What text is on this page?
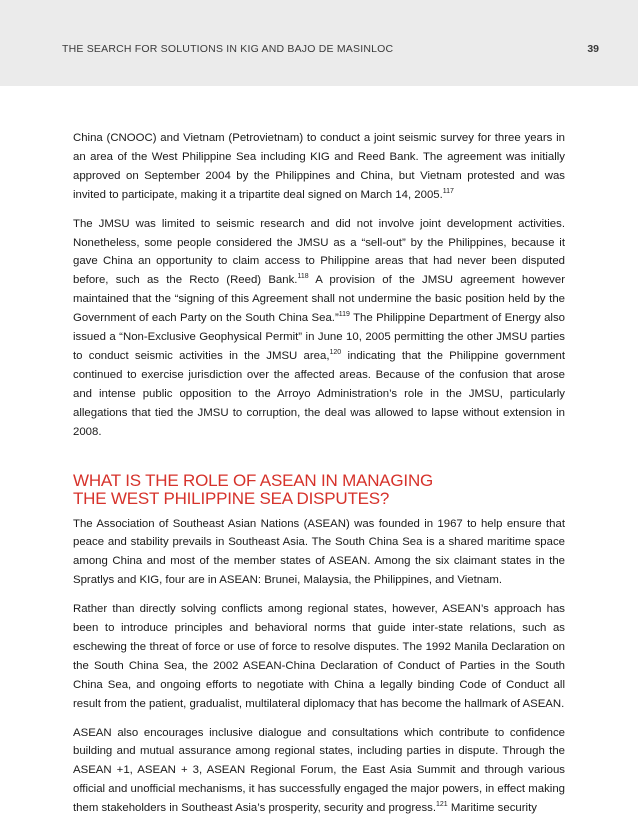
THE SEARCH FOR SOLUTIONS IN KIG AND BAJO DE MASINLOC	39

China (CNOOC) and Vietnam (Petrovietnam) to conduct a joint seismic survey for three years in an area of the West Philippine Sea including KIG and Reed Bank. The agreement was initially approved on September 2004 by the Philippines and China, but Vietnam protested and was invited to participate, making it a tripartite deal signed on March 14, 2005.$^{117}$

The JMSU was limited to seismic research and did not involve joint development activities. Nonetheless, some people considered the JMSU as a “sell-out” by the Philippines, because it gave China an opportunity to claim access to Philippine areas that had never been disputed before, such as the Recto (Reed) Bank.$^{118}$ A provision of the JMSU agreement however maintained that the “signing of this Agreement shall not undermine the basic position held by the Government of each Party on the South China Sea.”$^{119}$ The Philippine Department of Energy also issued a “Non-Exclusive Geophysical Permit” in June 10, 2005 permitting the other JMSU parties to conduct seismic activities in the JMSU area,$^{120}$ indicating that the Philippine government continued to exercise jurisdiction over the affected areas. Because of the confusion that arose and intense public opposition to the Arroyo Administration’s role in the JMSU, particularly allegations that tied the JMSU to corruption, the deal was allowed to lapse without extension in 2008.

WHAT IS THE ROLE OF ASEAN IN MANAGING
THE WEST PHILIPPINE SEA DISPUTES?

The Association of Southeast Asian Nations (ASEAN) was founded in 1967 to help ensure that peace and stability prevails in Southeast Asia. The South China Sea is a shared maritime space among China and most of the member states of ASEAN. Among the six claimant states in the Spratlys and KIG, four are in ASEAN: Brunei, Malaysia, the Philippines, and Vietnam.

Rather than directly solving conflicts among regional states, however, ASEAN’s approach has been to introduce principles and behavioral norms that guide inter-state relations, such as eschewing the threat of force or use of force to resolve disputes. The 1992 Manila Declaration on the South China Sea, the 2002 ASEAN-China Declaration of Conduct of Parties in the South China Sea, and ongoing efforts to negotiate with China a legally binding Code of Conduct all result from the patient, gradualist, multilateral diplomacy that has become the hallmark of ASEAN.

ASEAN also encourages inclusive dialogue and consultations which contribute to confidence building and mutual assurance among regional states, including parties in dispute. Through the ASEAN +1, ASEAN + 3, ASEAN Regional Forum, the East Asia Summit and through various official and unofficial mechanisms, it has successfully engaged the major powers, in effect making them stakeholders in Southeast Asia’s prosperity, security and progress.$^{121}$ Maritime security
